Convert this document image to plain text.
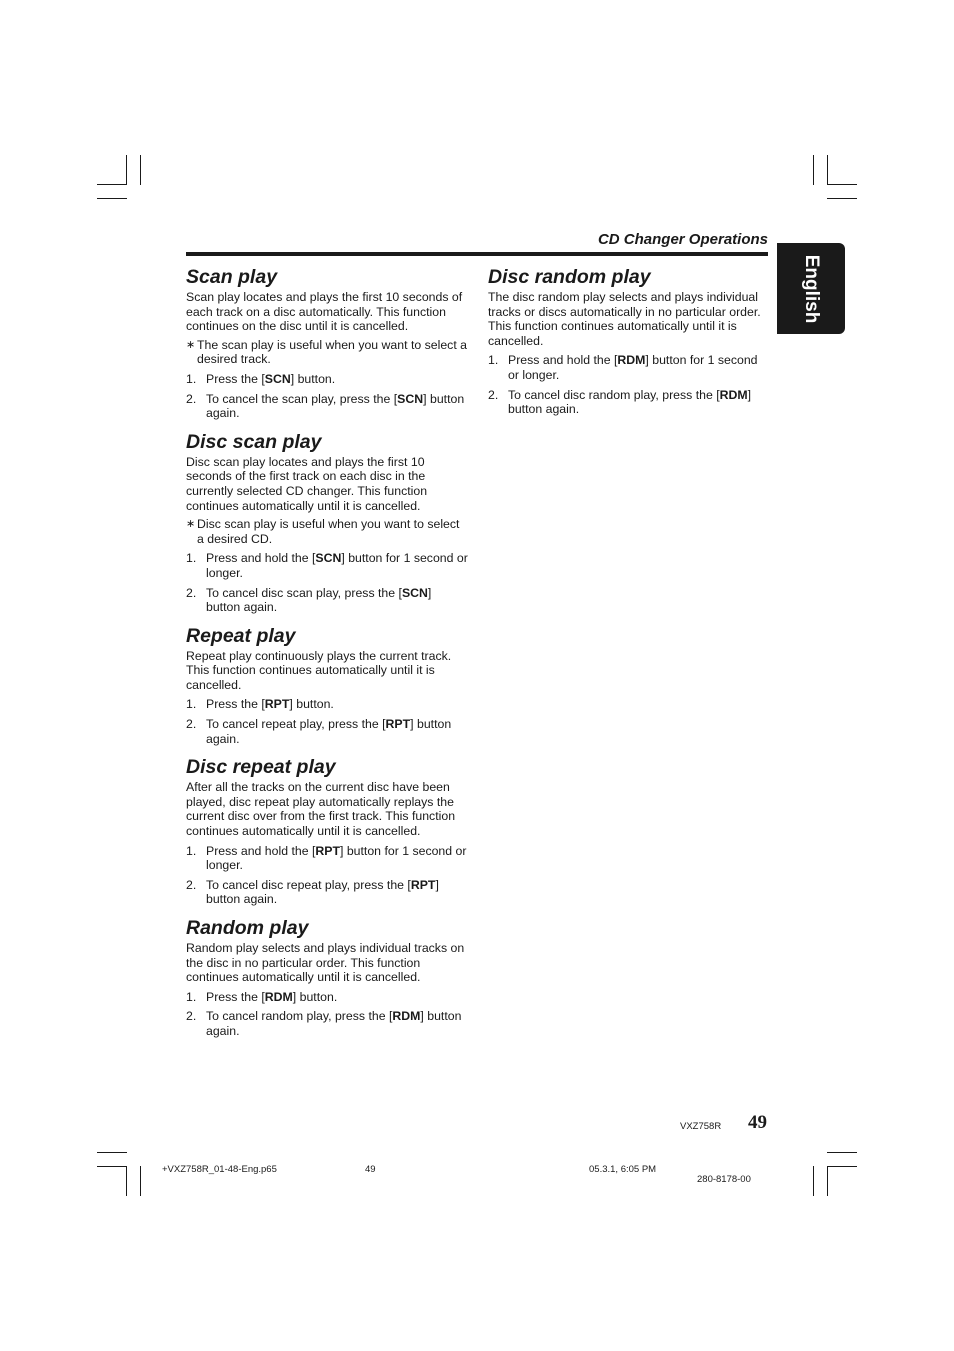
CD Changer Operations
English
Scan play

Scan play locates and plays the first 10 seconds of each track on a disc automatically. This function continues on the disc until it is cancelled.

∗ The scan play is useful when you want to select a desired track.
1. Press the [SCN] button.
2. To cancel the scan play, press the [SCN] button again.
Disc scan play

Disc scan play locates and plays the first 10 seconds of the first track on each disc in the currently selected CD changer. This function continues automatically until it is cancelled.

∗ Disc scan play is useful when you want to select a desired CD.
1. Press and hold the [SCN] button for 1 second or longer.
2. To cancel disc scan play, press the [SCN] button again.
Repeat play

Repeat play continuously plays the current track. This function continues automatically until it is cancelled.

1. Press the [RPT] button.
2. To cancel repeat play, press the [RPT] button again.
Disc repeat play

After all the tracks on the current disc have been played, disc repeat play automatically replays the current disc over from the first track. This function continues automatically until it is cancelled.

1. Press and hold the [RPT] button for 1 second or longer.
2. To cancel disc repeat play, press the [RPT] button again.
Random play

Random play selects and plays individual tracks on the disc in no particular order. This function continues automatically until it is cancelled.

1. Press the [RDM] button.
2. To cancel random play, press the [RDM] button again.
Disc random play

The disc random play selects and plays individual tracks or discs automatically in no particular order. This function continues automatically until it is cancelled.

1. Press and hold the [RDM] button for 1 second or longer.
2. To cancel disc random play, press the [RDM] button again.
VXZ758R 49
+VXZ758R_01-48-Eng.p65	49	05.3.1, 6:05 PM
280-8178-00
